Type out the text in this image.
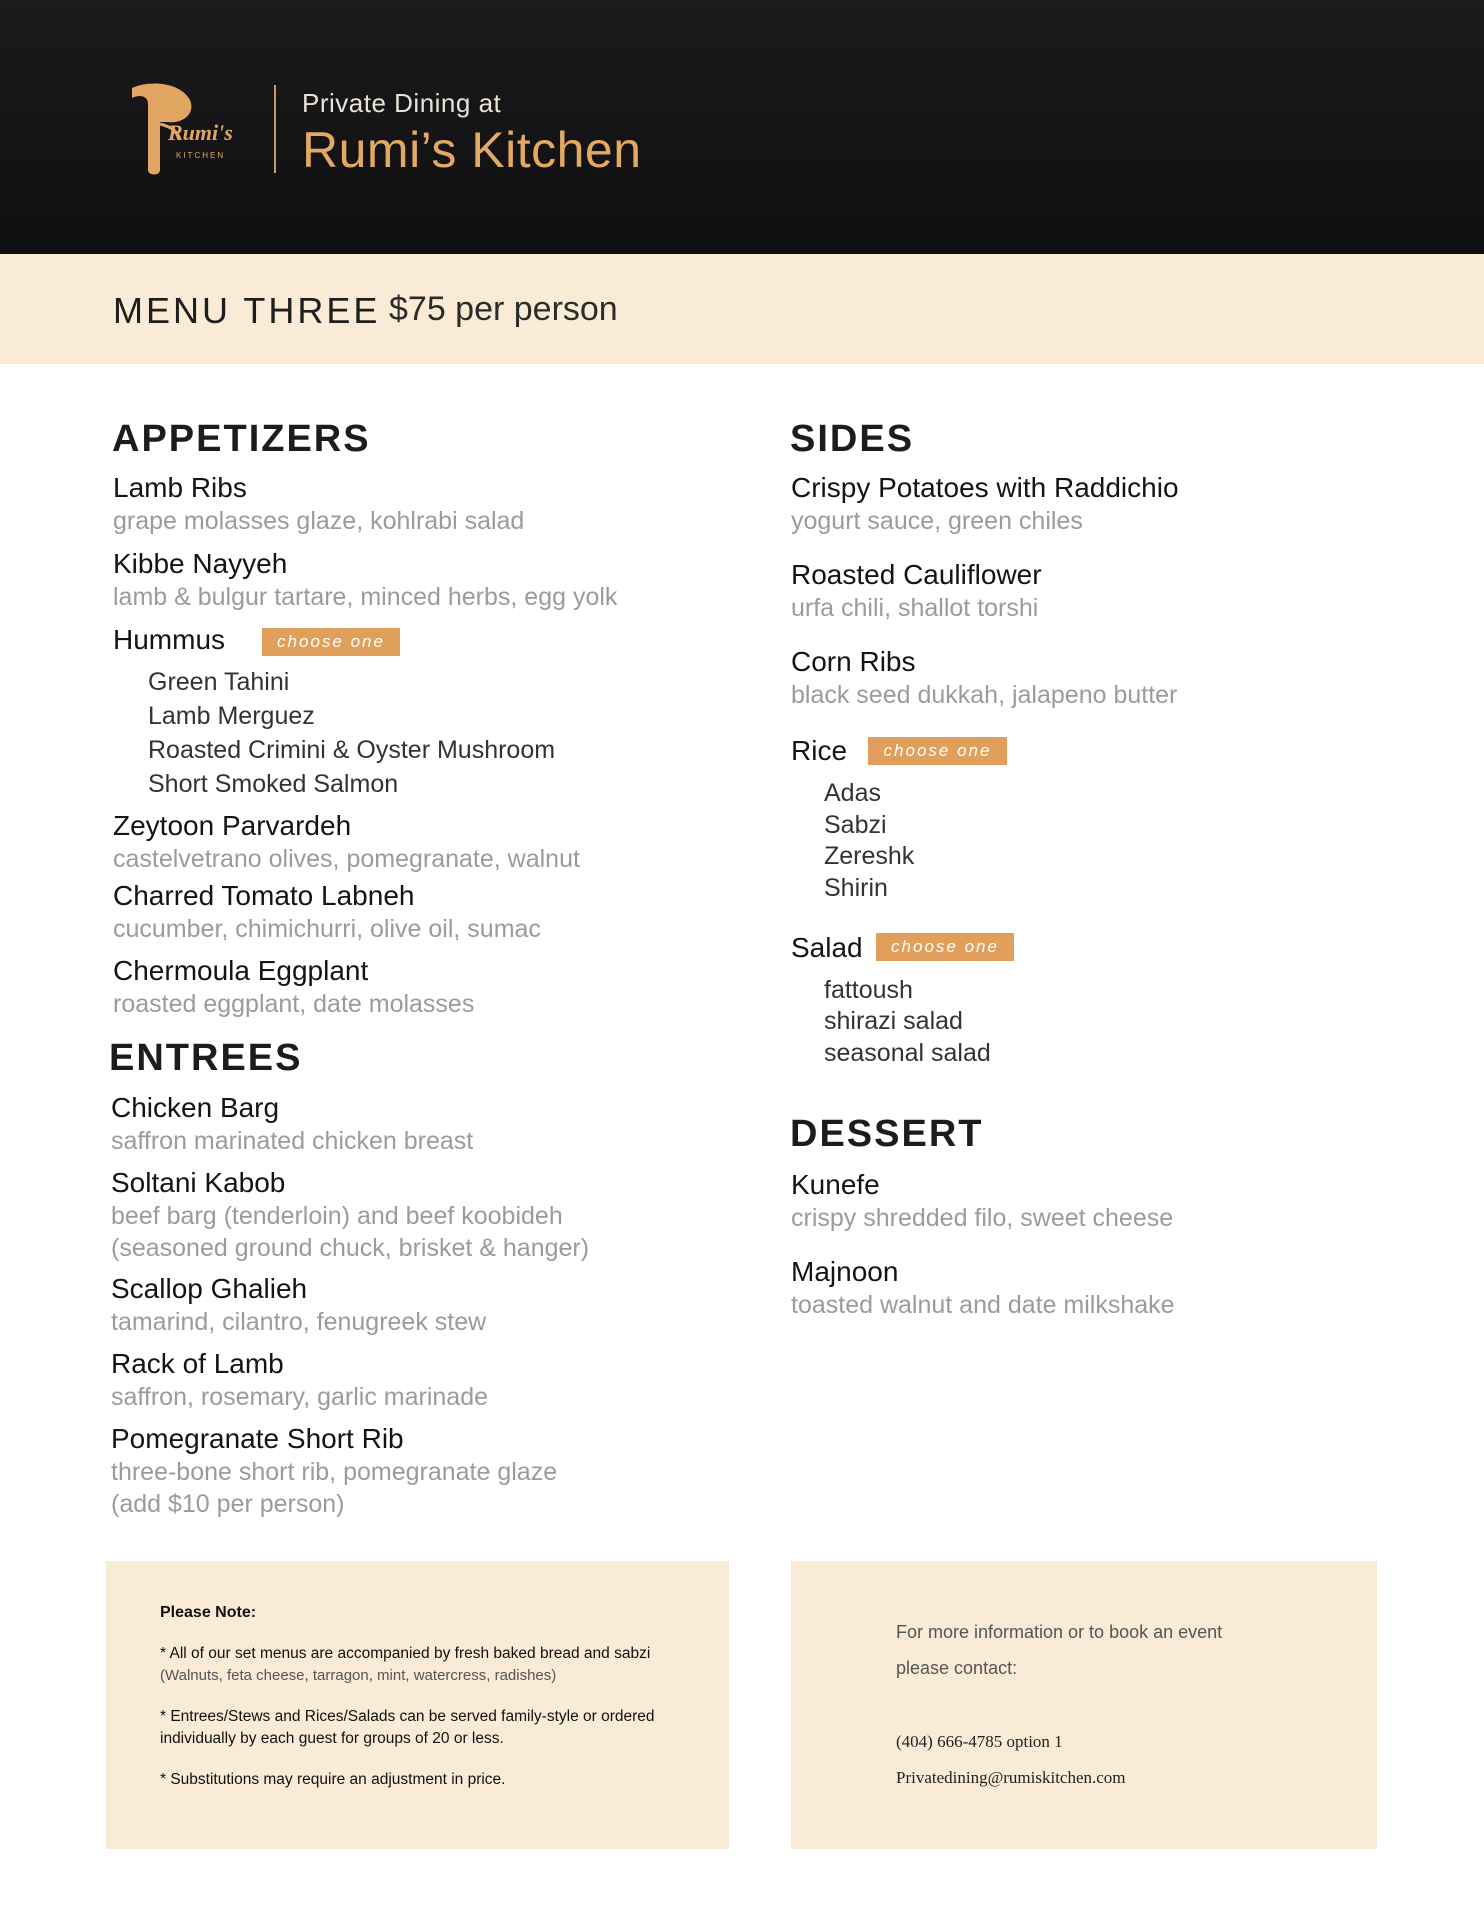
Rumi's
KITCHEN
Private Dining at
Rumi’s Kitchen
MENU THREE $75 per person
APPETIZERS
Lamb Ribs
grape molasses glaze, kohlrabi salad
Kibbe Nayyeh
lamb & bulgur tartare, minced herbs, egg yolk
Hummus	choose one
Green Tahini
Lamb Merguez
Roasted Crimini & Oyster Mushroom
Short Smoked Salmon
Zeytoon Parvardeh
castelvetrano olives, pomegranate, walnut
Charred Tomato Labneh
cucumber, chimichurri, olive oil, sumac
Chermoula Eggplant
roasted eggplant, date molasses
ENTREES
Chicken Barg
saffron marinated chicken breast
Soltani Kabob
beef barg (tenderloin) and beef koobideh
(seasoned ground chuck, brisket & hanger)
Scallop Ghalieh
tamarind, cilantro, fenugreek stew
Rack of Lamb
saffron, rosemary, garlic marinade
Pomegranate Short Rib
three-bone short rib, pomegranate glaze
(add $10 per person)
SIDES
Crispy Potatoes with Raddichio
yogurt sauce, green chiles
Roasted Cauliflower
urfa chili, shallot torshi
Corn Ribs
black seed dukkah, jalapeno butter
Rice	choose one
Adas
Sabzi
Zereshk
Shirin
Salad	choose one
fattoush
shirazi salad
seasonal salad
DESSERT
Kunefe
crispy shredded filo, sweet cheese
Majnoon
toasted walnut and date milkshake
Please Note:
* All of our set menus are accompanied by fresh baked bread and sabzi (Walnuts, feta cheese, tarragon, mint, watercress, radishes)
* Entrees/Stews and Rices/Salads can be served family-style or ordered individually by each guest for groups of 20 or less.
* Substitutions may require an adjustment in price.
For more information or to book an event
please contact:
(404) 666-4785 option 1
Privatedining@rumiskitchen.com
